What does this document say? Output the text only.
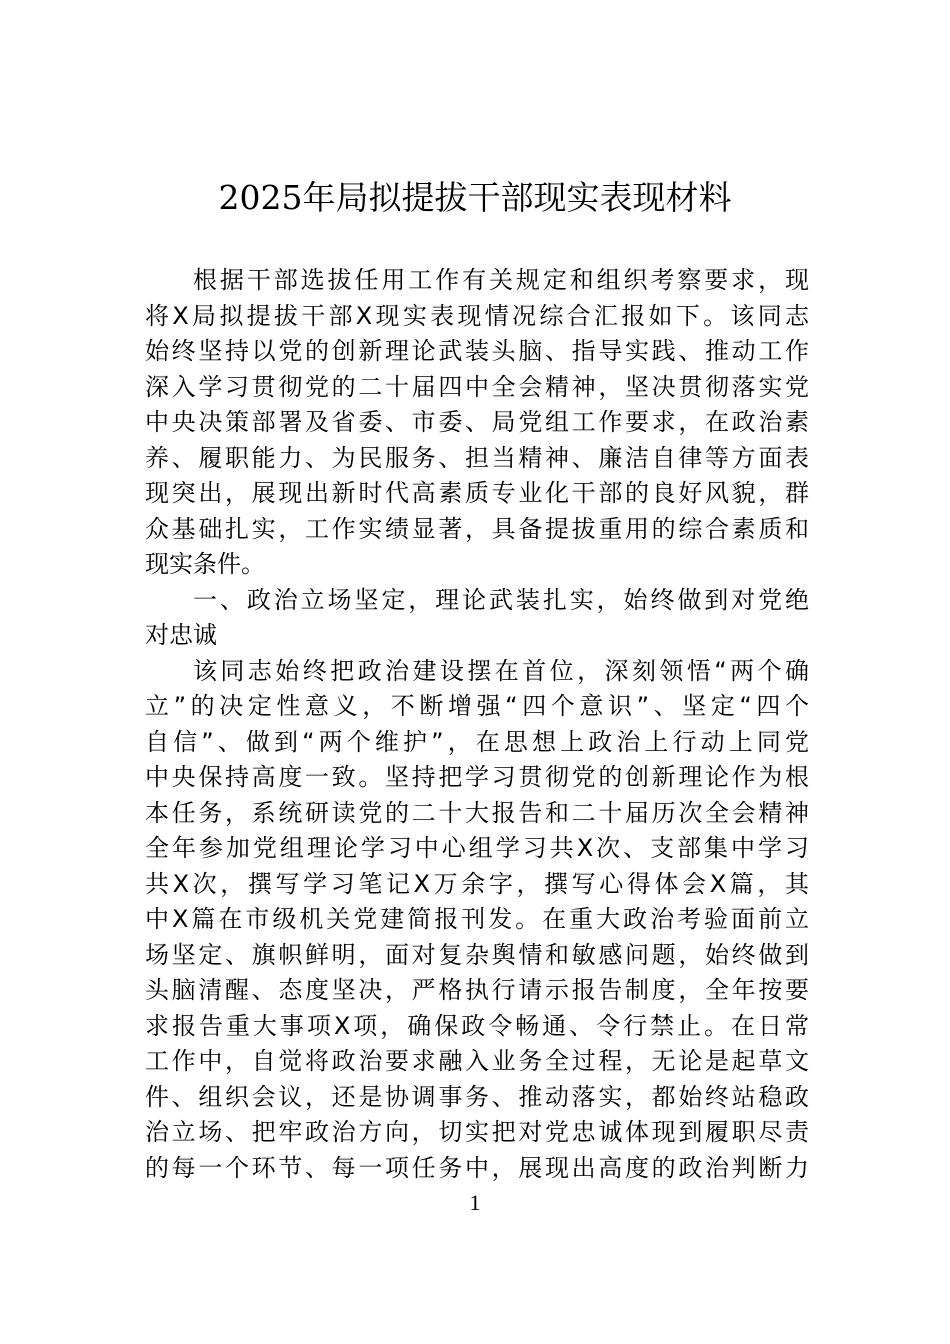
2025年局拟提拔干部现实表现材料
根据干部选拔任用工作有关规定和组织考察要求，现
将X局拟提拔干部X现实表现情况综合汇报如下。该同志
始终坚持以党的创新理论武装头脑、指导实践、推动工作
深入学习贯彻党的二十届四中全会精神，坚决贯彻落实党
中央决策部署及省委、市委、局党组工作要求，在政治素
养、履职能力、为民服务、担当精神、廉洁自律等方面表
现突出，展现出新时代高素质专业化干部的良好风貌，群
众基础扎实，工作实绩显著，具备提拔重用的综合素质和
现实条件。
一、政治立场坚定，理论武装扎实，始终做到对党绝
对忠诚
该同志始终把政治建设摆在首位，深刻领悟“两个确
立”的决定性意义，不断增强“四个意识”、坚定“四个
自信”、做到“两个维护”，在思想上政治上行动上同党
中央保持高度一致。坚持把学习贯彻党的创新理论作为根
本任务，系统研读党的二十大报告和二十届历次全会精神
全年参加党组理论学习中心组学习共X次、支部集中学习
共X次，撰写学习笔记X万余字，撰写心得体会X篇，其
中X篇在市级机关党建简报刊发。在重大政治考验面前立
场坚定、旗帜鲜明，面对复杂舆情和敏感问题，始终做到
头脑清醒、态度坚决，严格执行请示报告制度，全年按要
求报告重大事项X项，确保政令畅通、令行禁止。在日常
工作中，自觉将政治要求融入业务全过程，无论是起草文
件、组织会议，还是协调事务、推动落实，都始终站稳政
治立场、把牢政治方向，切实把对党忠诚体现到履职尽责
的每一个环节、每一项任务中，展现出高度的政治判断力
1
